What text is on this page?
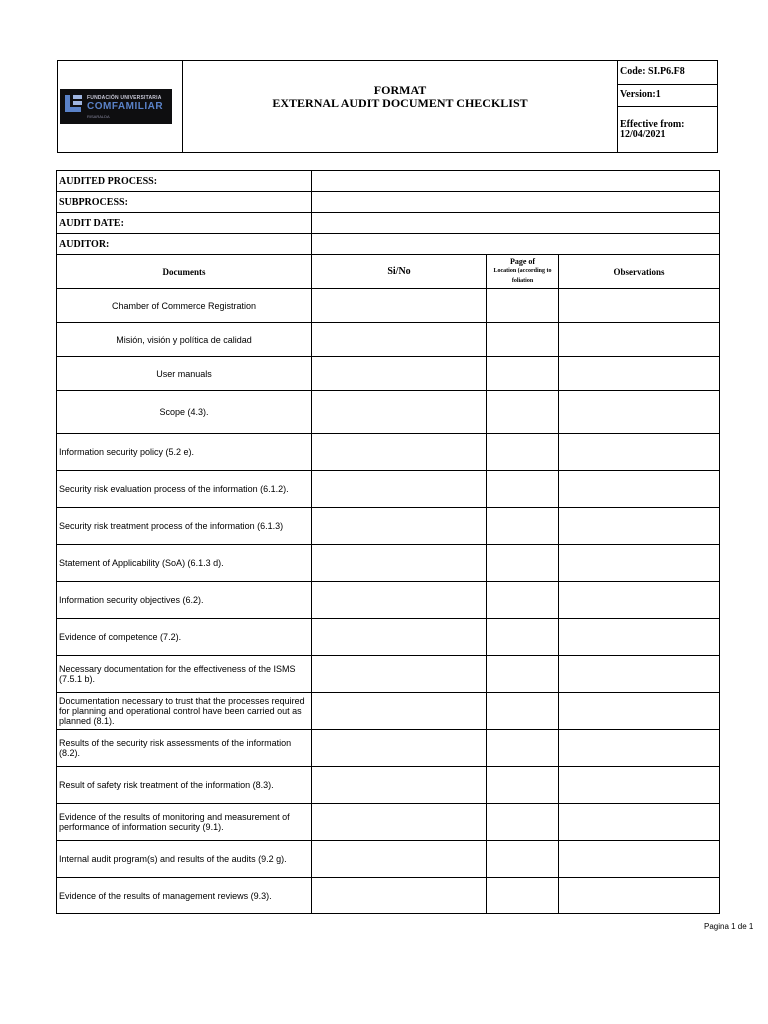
FUNDACIÓN UNIVERSITARIA
COMFAMILIAR
RISARALDA
FORMAT
EXTERNAL AUDIT DOCUMENT CHECKLIST
Code: SI.P6.F8
Version:1
Effective from:
12/04/2021
AUDITED PROCESS:			
SUBPROCESS:			
AUDIT DATE:			
AUDITOR:			
Documents	Si/No	Page of
Location (according to
foliation	Observations
Chamber of Commerce Registration			
Misión, visión y política de calidad			
User manuals			
Scope (4.3).			
Information security policy (5.2 e).			
Security risk evaluation process of the information (6.1.2).			
Security risk treatment process of the information (6.1.3)			
Statement of Applicability (SoA) (6.1.3 d).			
Information security objectives (6.2).			
Evidence of competence (7.2).			
Necessary documentation for the effectiveness of the ISMS (7.5.1 b).			
Documentation necessary to trust that the processes required for planning and operational control have been carried out as planned (8.1).			
Results of the security risk assessments of the information (8.2).			
Result of safety risk treatment of the information (8.3).			
Evidence of the results of monitoring and measurement of performance of information security (9.1).			
Internal audit program(s) and results of the audits (9.2 g).			
Evidence of the results of management reviews (9.3).			
Pagina 1 de 1
